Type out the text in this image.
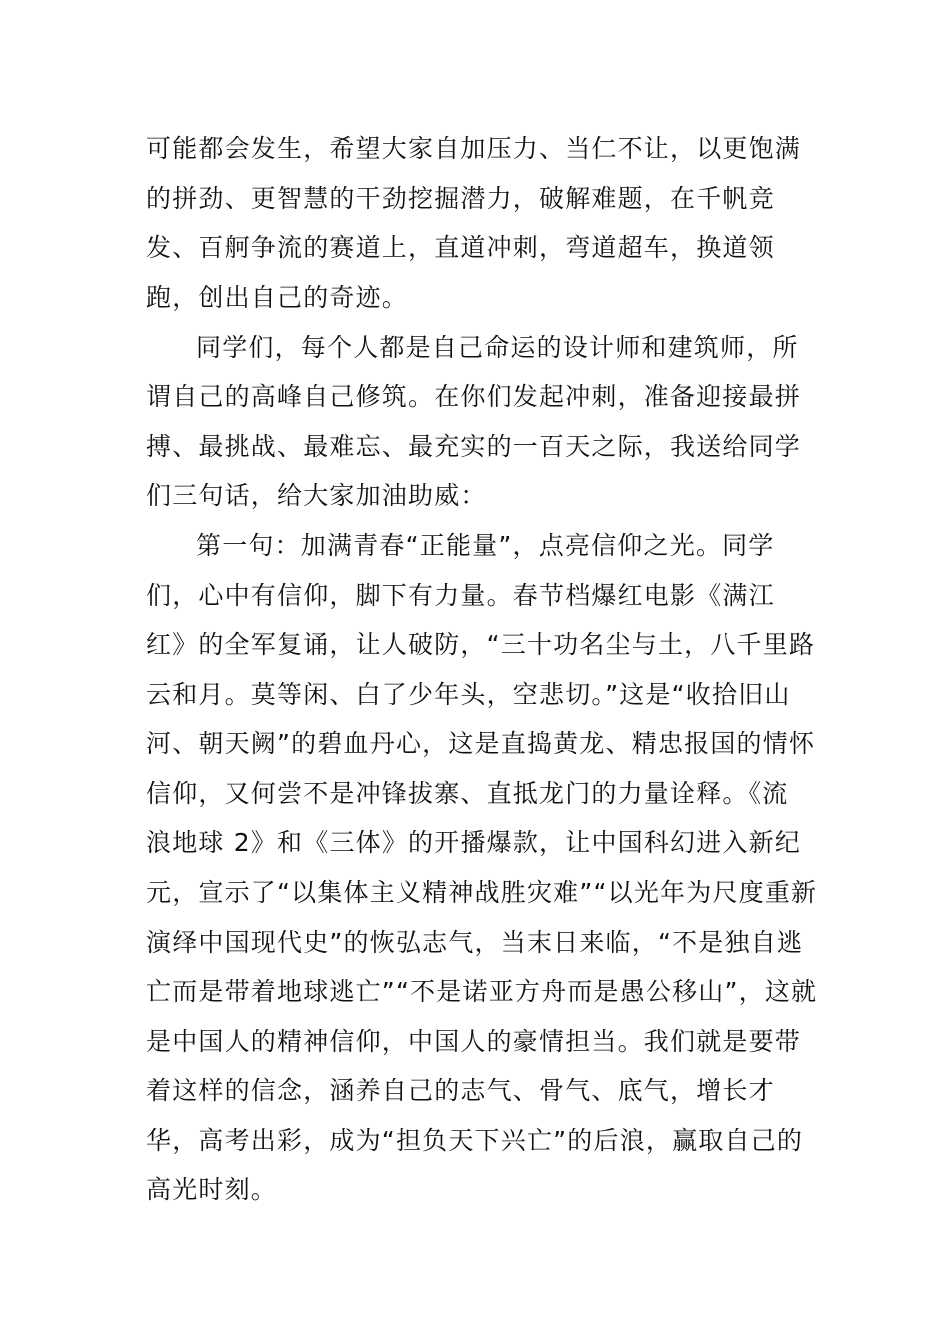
可能都会发生，希望大家自加压力、当仁不让，以更饱满
的拼劲、更智慧的干劲挖掘潜力，破解难题，在千帆竞
发、百舸争流的赛道上，直道冲刺，弯道超车，换道领
跑，创出自己的奇迹。
同学们，每个人都是自己命运的设计师和建筑师，所
谓自己的高峰自己修筑。在你们发起冲刺，准备迎接最拼
搏、最挑战、最难忘、最充实的一百天之际，我送给同学
们三句话，给大家加油助威：
第一句：加满青春“正能量”，点亮信仰之光。同学
们，心中有信仰，脚下有力量。春节档爆红电影《满江
红》的全军复诵，让人破防，“三十功名尘与土，八千里路
云和月。莫等闲、白了少年头，空悲切。”这是“收拾旧山
河、朝天阙”的碧血丹心，这是直捣黄龙、精忠报国的情怀
信仰，又何尝不是冲锋拔寨、直抵龙门的力量诠释。《流
浪地球 2》和《三体》的开播爆款，让中国科幻进入新纪
元，宣示了“以集体主义精神战胜灾难”“以光年为尺度重新
演绎中国现代史”的恢弘志气，当末日来临，“不是独自逃
亡而是带着地球逃亡”“不是诺亚方舟而是愚公移山”，这就
是中国人的精神信仰，中国人的豪情担当。我们就是要带
着这样的信念，涵养自己的志气、骨气、底气，增长才
华，高考出彩，成为“担负天下兴亡”的后浪，赢取自己的
高光时刻。
